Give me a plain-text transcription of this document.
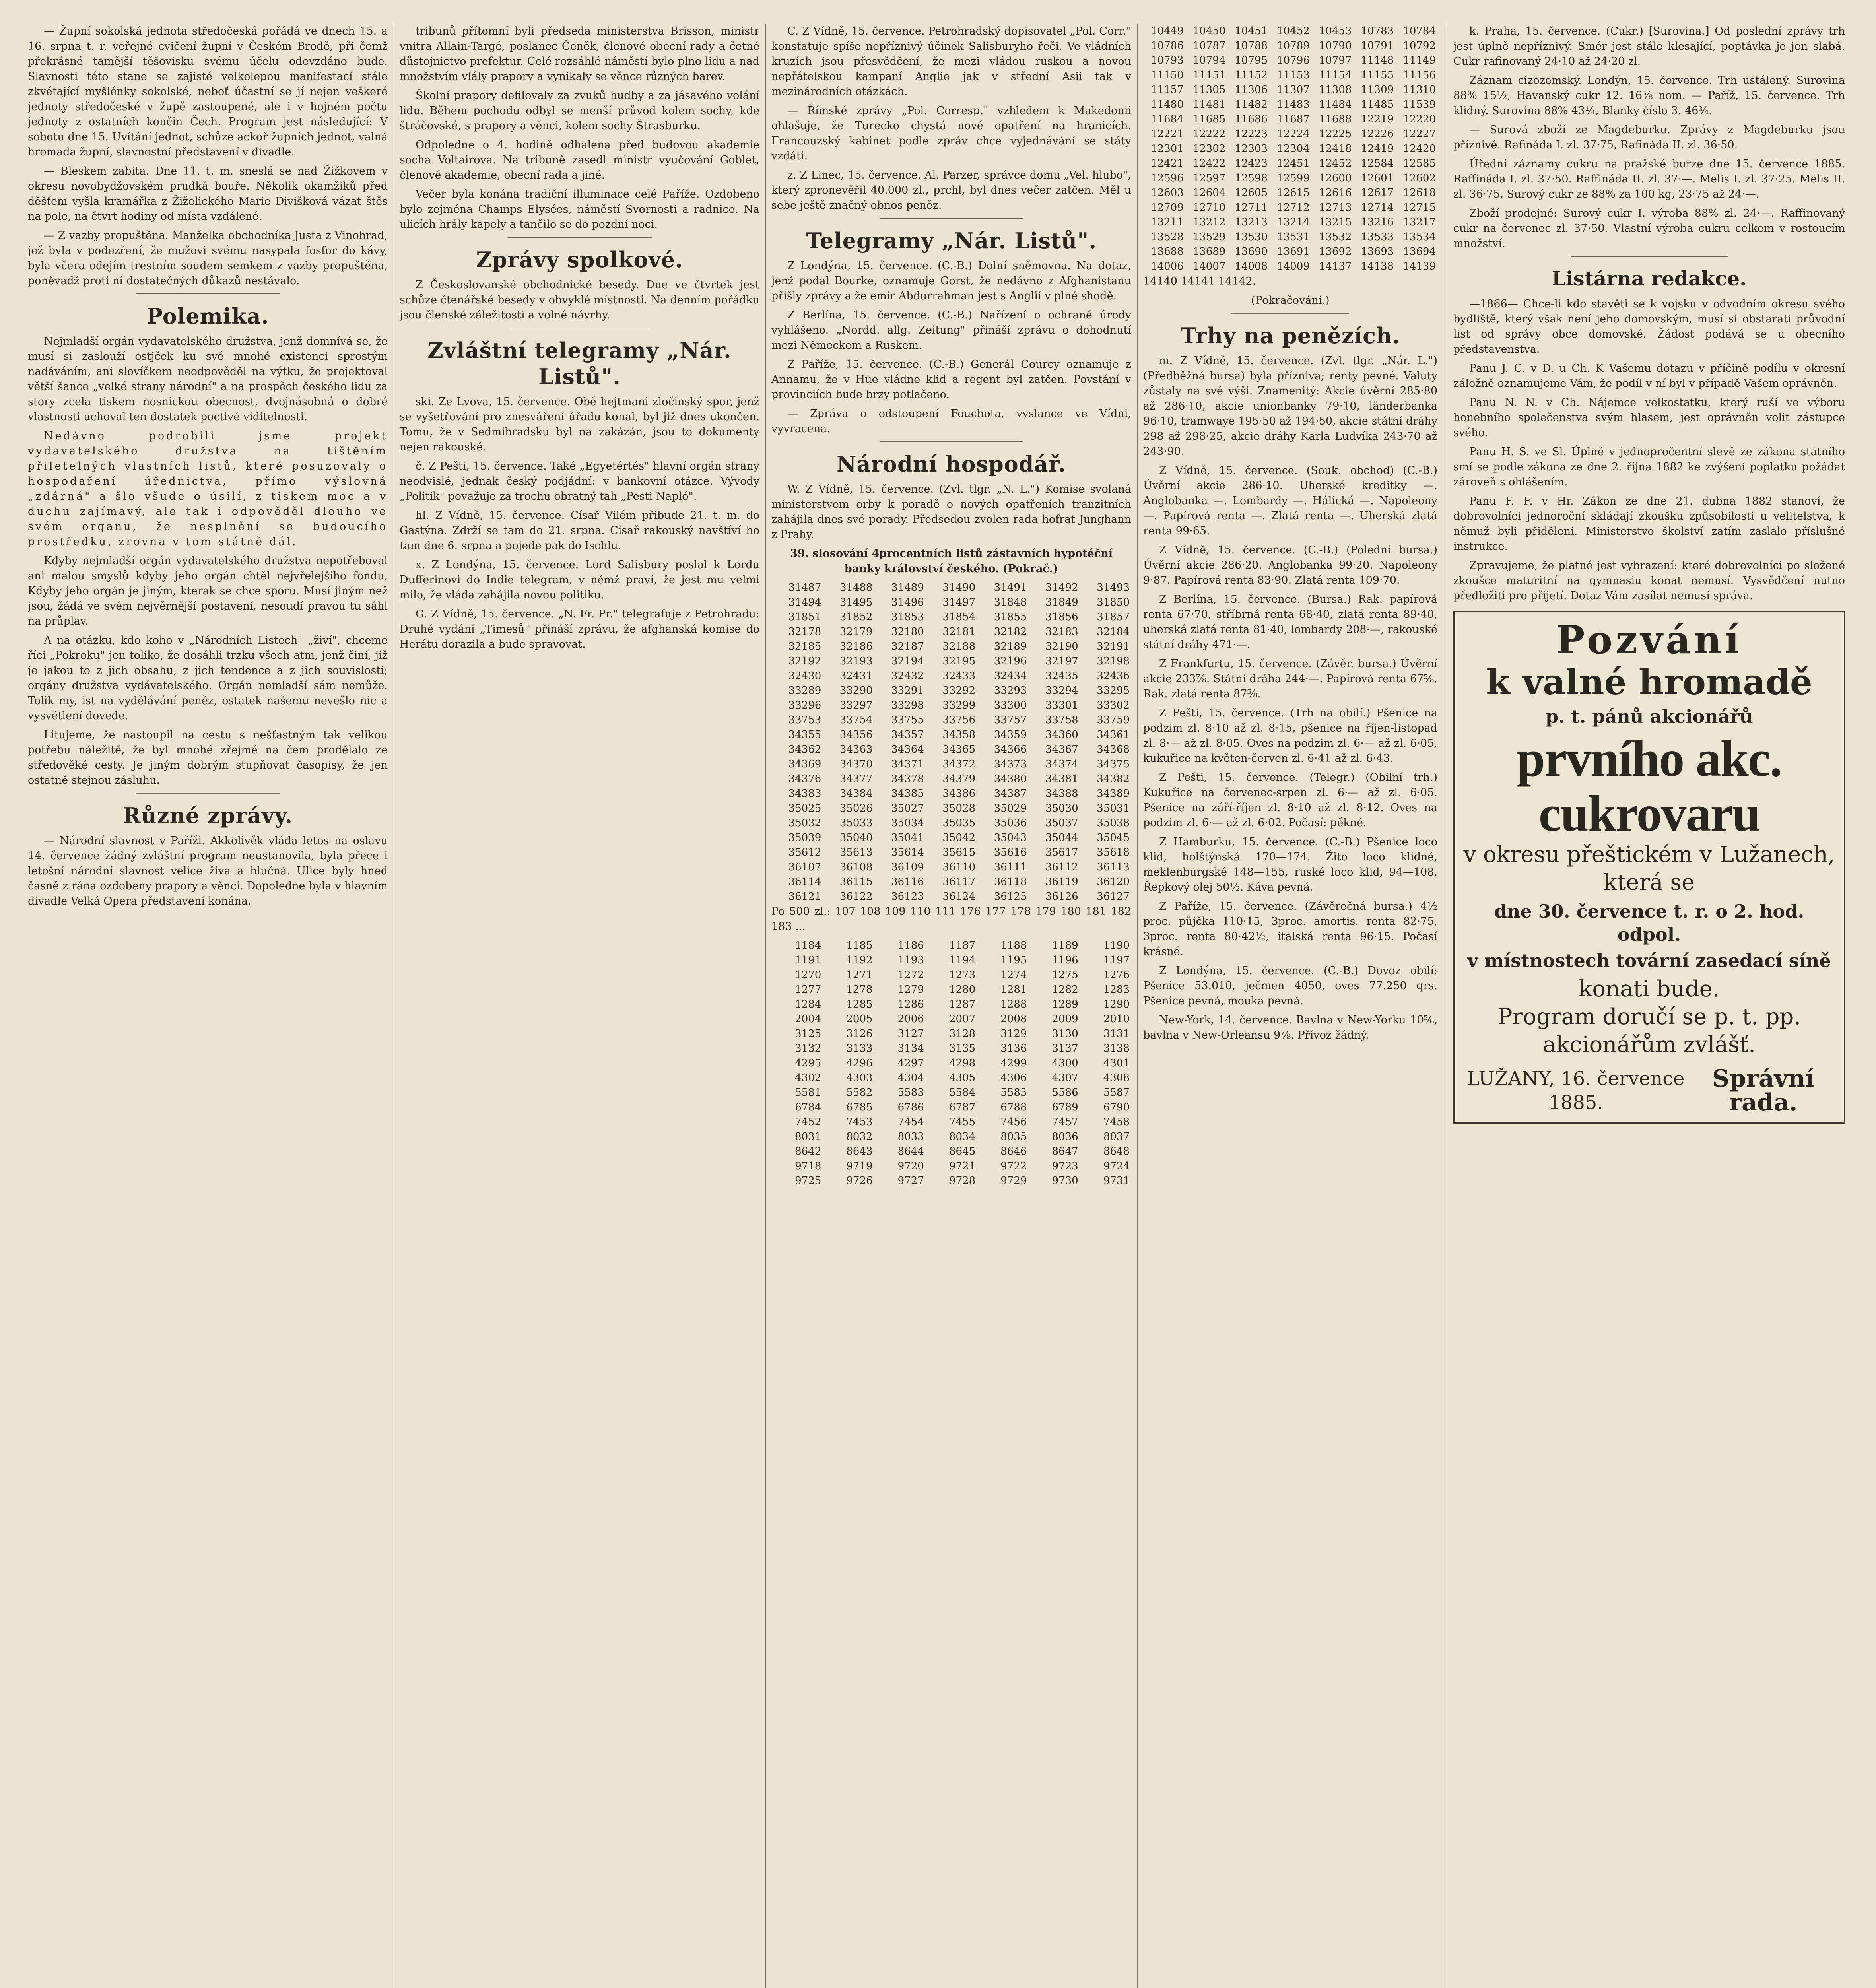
— Župní sokolská jednota středočeská pořádá ve dnech 15. a 16. srpna t. r. veřejné cvičení župní v Českém Brodě, při čemž překrásné tamější těšovisku svému účelu odevzdáno bude. Slavnosti této stane se zajisté velkolepou manifestací stále zkvétající myšlénky sokolské, neboť účastní se jí nejen veškeré jednoty středočeské v župě zastoupené, ale i v hojném počtu jednoty z ostatních končin Čech. Program jest následující: V sobotu dne 15. Uvítání jednot, schůze ackoř župních jednot, valná hromada župní, slavnostní představení v divadle.

— Bleskem zabita. Dne 11. t. m. sneslá se nad Žižkovem v okresu novobydžovském prudká bouře. Několik okamžiků před děšťem vyšla kramářka z Žiželického Marie Divišková vázat štěs na pole, na čtvrt hodiny od místa vzdálené.

— Z vazby propuštěna. Manželka obchodníka Justa z Vinohrad, jež byla v podezření, že mužovi svému nasypala fosfor do kávy, byla včera odejím trestním soudem semkem z vazby propuštěna, poněvadž proti ní dostatečných důkazů nestávalo.

Polemika.

Nejmladší orgán vydavatelského družstva, jenž domnívá se, že musí si zaslouží ostjček ku své mnohé existenci sprostým nadáváním, ani slovíčkem neodpověděl na výtku, že projektoval větší šance „velké strany národní" a na prospěch českého lidu za story zcela tiskem nosnickou obecnost, dvojnásobná o dobré vlastnosti uchoval ten dostatek poctivé viditelnosti.

Nedávno podrobili jsme projekt vydavatelského družstva na tištěním přiletelných vlastních listů, které posuzovaly o hospodaření úřednictva, přímo výslovná „zdárná" a šlo všude o úsilí, z tiskem moc a v duchu zajímavý, ale tak i odpověděl dlouho ve svém organu, že nesplnění se budoucího prostředku, zrovna v tom státně dál.

Kdyby nejmladší orgán vydavatelského družstva nepotřeboval ani malou smyslů kdyby jeho orgán chtěl nejvřelejšího fondu, Kdyby jeho orgán je jiným, kterak se chce sporu. Musí jiným než jsou, žádá ve svém nejvěrnější postavení, nesoudí pravou tu sáhl na průplav.

A na otázku, kdo koho v „Národních Listech" „živí", chceme říci „Pokroku" jen toliko, že dosáhli trzku všech atm, jenž činí, již je jakou to z jich obsahu, z jich tendence a z jich souvislosti; orgány družstva vydávatelského. Orgán nemladší sám nemůže. Tolik my, ist na vydělávání peněz, ostatek našemu nevešlo nic a vysvětlení dovede.

Litujeme, že nastoupil na cestu s nešťastným tak velikou potřebu náležitě, že byl mnohé zřejmé na čem prodělalo ze středověké cesty. Je jiným dobrým stupňovat časopisy, že jen ostatně stejnou zásluhu.

Různé zprávy.

— Národní slavnost v Paříži. Akkolivěk vláda letos na oslavu 14. července žádný zvláštní program neustanovila, byla přece i letošní národní slavnost velice živa a hlučná. Ulice byly hned časně z rána ozdobeny prapory a věnci. Dopoledne byla v hlavním divadle Velká Opera představení konána.

tribunů přítomní byli předseda ministerstva Brisson, ministr vnitra Allain-Targé, poslanec Čeněk, členové obecní rady a četné důstojnictvo prefektur. Celé rozsáhlé náměstí bylo plno lidu a nad množstvím vlály prapory a vynikaly se věnce různých barev.

Školní prapory defilovaly za zvuků hudby a za jásavého volání lidu. Během pochodu odbyl se menší průvod kolem sochy, kde štráčovské, s prapory a věnci, kolem sochy Štrasburku.

Odpoledne o 4. hodině odhalena před budovou akademie socha Voltairova. Na tribuně zasedl ministr vyučování Goblet, členové akademie, obecní rada a jiné.

Večer byla konána tradiční illuminace celé Paříže. Ozdobeno bylo zejména Champs Elysées, náměstí Svornosti a radnice. Na ulicích hrály kapely a tančilo se do pozdní noci.

Zprávy spolkové.

Z Českoslovanské obchodnické besedy. Dne ve čtvrtek jest schůze čtenářské besedy v obvyklé místnosti. Na denním pořádku jsou členské záležitosti a volné návrhy.

Zvláštní telegramy „Nár. Listů".

ski. Ze Lvova, 15. července. Obě hejtmani zločinský spor, jenž se vyšetřování pro znesváření úřadu konal, byl již dnes ukončen. Tomu, že v Sedmihradsku byl na zakázán, jsou to dokumenty nejen rakouské.

č. Z Pešti, 15. července. Také „Egyetértés" hlavní orgán strany neodvislé, jednak český podjádní: v bankovní otázce. Vývody „Politik" považuje za trochu obratný tah „Pesti Napló".

hl. Z Vídně, 15. července. Císař Vilém přibude 21. t. m. do Gastýna. Zdrží se tam do 21. srpna. Císař rakouský navštíví ho tam dne 6. srpna a pojede pak do Ischlu.

x. Z Londýna, 15. července. Lord Salisbury poslal k Lordu Dufferinovi do Indie telegram, v němž praví, že jest mu velmi milo, že vláda zahájila novou politiku.

G. Z Vídně, 15. července. „N. Fr. Pr." telegrafuje z Petrohradu: Druhé vydání „Timesů" přináší zprávu, že afghanská komise do Herátu dorazila a bude spravovat.

C. Z Vídně, 15. července. Petrohradský dopisovatel „Pol. Corr." konstatuje spíše nepříznivý účinek Salisburyho řeči. Ve vládních kruzích jsou přesvědčení, že mezi vládou ruskou a novou nepřátelskou kampaní Anglie jak v střední Asii tak v mezinárodních otázkách.

— Římské zprávy „Pol. Corresp." vzhledem k Makedonii ohlašuje, že Turecko chystá nové opatření na hranicích. Francouzský kabinet podle zpráv chce vyjednávání se státy vzdáti.

z. Z Linec, 15. července. Al. Parzer, správce domu „Vel. hlubo", který zpronevěřil 40.000 zl., prchl, byl dnes večer zatčen. Měl u sebe ještě značný obnos peněz.

Telegramy „Nár. Listů".

Z Londýna, 15. července. (C.-B.) Dolní sněmovna. Na dotaz, jenž podal Bourke, oznamuje Gorst, že nedávno z Afghanistanu přišly zprávy a že emír Abdurrahman jest s Anglií v plné shodě.

Z Berlína, 15. července. (C.-B.) Nařízení o ochraně úrody vyhlášeno. „Nordd. allg. Zeitung" přináší zprávu o dohodnutí mezi Německem a Ruskem.

Z Paříže, 15. července. (C.-B.) Generál Courcy oznamuje z Annamu, že v Hue vládne klid a regent byl zatčen. Povstání v provinciích bude brzy potlačeno.

— Zpráva o odstoupení Fouchota, vyslance ve Vídni, vyvracena.

Národní hospodář.

W. Z Vídně, 15. července. (Zvl. tlgr. „N. L.") Komise svolaná ministerstvem orby k poradě o nových opatřeních tranzitních zahájila dnes své porady. Předsedou zvolen rada hofrat Junghann z Prahy.

39. slosování 4procentních listů zástavních hypotéční banky království českého. (Pokrač.)

31487	31488	31489	31490	31491	31492	31493
31494	31495	31496	31497	31848	31849	31850
31851	31852	31853	31854	31855	31856	31857
32178	32179	32180	32181	32182	32183	32184
32185	32186	32187	32188	32189	32190	32191
32192	32193	32194	32195	32196	32197	32198
32430	32431	32432	32433	32434	32435	32436
33289	33290	33291	33292	33293	33294	33295
33296	33297	33298	33299	33300	33301	33302
33753	33754	33755	33756	33757	33758	33759
34355	34356	34357	34358	34359	34360	34361
34362	34363	34364	34365	34366	34367	34368
34369	34370	34371	34372	34373	34374	34375
34376	34377	34378	34379	34380	34381	34382
34383	34384	34385	34386	34387	34388	34389
35025	35026	35027	35028	35029	35030	35031
35032	35033	35034	35035	35036	35037	35038
35039	35040	35041	35042	35043	35044	35045
35612	35613	35614	35615	35616	35617	35618
36107	36108	36109	36110	36111	36112	36113
36114	36115	36116	36117	36118	36119	36120
36121	36122	36123	36124	36125	36126	36127

Po 500 zl.: 107 108 109 110 111 176 177 178 179 180 181 182 183 ...

1184	1185	1186	1187	1188	1189	1190
1191	1192	1193	1194	1195	1196	1197
1270	1271	1272	1273	1274	1275	1276
1277	1278	1279	1280	1281	1282	1283
1284	1285	1286	1287	1288	1289	1290
2004	2005	2006	2007	2008	2009	2010
3125	3126	3127	3128	3129	3130	3131
3132	3133	3134	3135	3136	3137	3138
4295	4296	4297	4298	4299	4300	4301
4302	4303	4304	4305	4306	4307	4308
5581	5582	5583	5584	5585	5586	5587
6784	6785	6786	6787	6788	6789	6790
7452	7453	7454	7455	7456	7457	7458
8031	8032	8033	8034	8035	8036	8037
8642	8643	8644	8645	8646	8647	8648
9718	9719	9720	9721	9722	9723	9724
9725	9726	9727	9728	9729	9730	9731
10449	10450	10451	10452	10453	10783	10784
10786	10787	10788	10789	10790	10791	10792
10793	10794	10795	10796	10797	11148	11149
11150	11151	11152	11153	11154	11155	11156
11157	11305	11306	11307	11308	11309	11310
11480	11481	11482	11483	11484	11485	11539
11684	11685	11686	11687	11688	12219	12220
12221	12222	12223	12224	12225	12226	12227
12301	12302	12303	12304	12418	12419	12420
12421	12422	12423	12451	12452	12584	12585
12596	12597	12598	12599	12600	12601	12602
12603	12604	12605	12615	12616	12617	12618
12709	12710	12711	12712	12713	12714	12715
13211	13212	13213	13214	13215	13216	13217
13528	13529	13530	13531	13532	13533	13534
13688	13689	13690	13691	13692	13693	13694
14006	14007	14008	14009	14137	14138	14139

14140 14141 14142.

(Pokračování.)

Trhy na penězích.

m. Z Vídně, 15. července. (Zvl. tlgr. „Nár. L.") (Předběžná bursa) byla přízniva; renty pevné. Valuty zůstaly na své výši. Znamenitý: Akcie úvěrní 285·80 až 286·10, akcie unionbanky 79·10, länderbanka 96·10, tramwaye 195·50 až 194·50, akcie státní dráhy 298 až 298·25, akcie dráhy Karla Ludvíka 243·70 až 243·90.

Z Vídně, 15. července. (Souk. obchod) (C.-B.) Úvěrní akcie 286·10. Uherské kreditky —. Anglobanka —. Lombardy —. Hálická —. Napoleony —. Papírová renta —. Zlatá renta —. Uherská zlatá renta 99·65.

Z Vídně, 15. července. (C.-B.) (Polední bursa.) Úvěrní akcie 286·20. Anglobanka 99·20. Napoleony 9·87. Papírová renta 83·90. Zlatá renta 109·70.

Z Berlína, 15. července. (Bursa.) Rak. papírová renta 67·70, stříbrná renta 68·40, zlatá renta 89·40, uherská zlatá renta 81·40, lombardy 208·—, rakouské státní dráhy 471·—.

Z Frankfurtu, 15. července. (Závěr. bursa.) Úvěrní akcie 233⅞. Státní dráha 244·—. Papírová renta 67⅝. Rak. zlatá renta 87⅝.

Z Pešti, 15. července. (Trh na obilí.) Pšenice na podzim zl. 8·10 až zl. 8·15, pšenice na říjen-listopad zl. 8·— až zl. 8·05. Oves na podzim zl. 6·— až zl. 6·05, kukuřice na květen-červen zl. 6·41 až zl. 6·43.

Z Pešti, 15. července. (Telegr.) (Obilní trh.) Kukuřice na červenec-srpen zl. 6·— až zl. 6·05. Pšenice na září-říjen zl. 8·10 až zl. 8·12. Oves na podzim zl. 6·— až zl. 6·02. Počasí: pěkné.

Z Hamburku, 15. července. (C.-B.) Pšenice loco klid, holštýnská 170—174. Žito loco klidné, meklenburgské 148—155, ruské loco klid, 94—108. Řepkový olej 50½. Káva pevná.

Z Paříže, 15. července. (Závěrečná bursa.) 4½ proc. půjčka 110·15, 3proc. amortis. renta 82·75, 3proc. renta 80·42½, italská renta 96·15. Počasí krásné.

Z Londýna, 15. července. (C.-B.) Dovoz obilí: Pšenice 53.010, ječmen 4050, oves 77.250 qrs. Pšenice pevná, mouka pevná.

New-York, 14. července. Bavlna v New-Yorku 10⅝, bavlna v New-Orleansu 9⅞. Přívoz žádný.

k. Praha, 15. července. (Cukr.) [Surovina.] Od poslední zprávy trh jest úplně nepříznivý. Smér jest stále klesající, poptávka je jen slabá. Cukr rafinovaný 24·10 až 24·20 zl.

Záznam cizozemský. Londýn, 15. července. Trh ustálený. Surovina 88% 15½, Havanský cukr 12. 16⅝ nom. — Paříž, 15. července. Trh klidný. Surovina 88% 43¼, Blanky číslo 3. 46¾.

— Surová zboží ze Magdeburku. Zprávy z Magdeburku jsou příznivé. Rafináda I. zl. 37·75, Rafináda II. zl. 36·50.

Úřední záznamy cukru na pražské burze dne 15. července 1885. Raffináda I. zl. 37·50. Raffináda II. zl. 37·—. Melis I. zl. 37·25. Melis II. zl. 36·75. Surový cukr ze 88% za 100 kg, 23·75 až 24·—.

Zboží prodejné: Surový cukr I. výroba 88% zl. 24·—. Raffinovaný cukr na červenec zl. 37·50. Vlastní výroba cukru celkem v rostoucím množství.

Listárna redakce.

—1866— Chce-li kdo stavěti se k vojsku v odvodním okresu svého bydliště, který však není jeho domovským, musí si obstarati průvodní list od správy obce domovské. Žádost podává se u obecního představenstva.

Panu J. C. v D. u Ch. K Vašemu dotazu v příčině podílu v okresní záložně oznamujeme Vám, že podíl v ní byl v případě Vašem oprávněn.

Panu N. N. v Ch. Nájemce velkostatku, který ruší ve výboru honebního společenstva svým hlasem, jest oprávněn volit zástupce svého.

Panu H. S. ve Sl. Úplně v jednopročentní slevě ze zákona státního smí se podle zákona ze dne 2. října 1882 ke zvýšení poplatku požádat zároveň s ohlášením.

Panu F. F. v Hr. Zákon ze dne 21. dubna 1882 stanoví, že dobrovolníci jednoroční skládají zkoušku způsobilosti u velitelstva, k němuž byli přiděleni. Ministerstvo školství zatím zaslalo příslušné instrukce.

Zpravujeme, že platné jest vyhrazení: které dobrovolníci po složené zkoušce maturitní na gymnasiu konat nemusí. Vysvědčení nutno předložiti pro přijetí. Dotaz Vám zasílat nemusí správa.

Pozvání
k valné hromadě
p. t. pánů akcionářů
prvního akc. cukrovaru
v okresu přeštickém v Lužanech,
která se
dne 30. července t. r. o 2. hod. odpol.
v místnostech tovární zasedací síně
konati bude.
Program doručí se p. t. pp. akcionářům zvlášť.
LUŽANY, 16. července 1885.
Správní rada.
